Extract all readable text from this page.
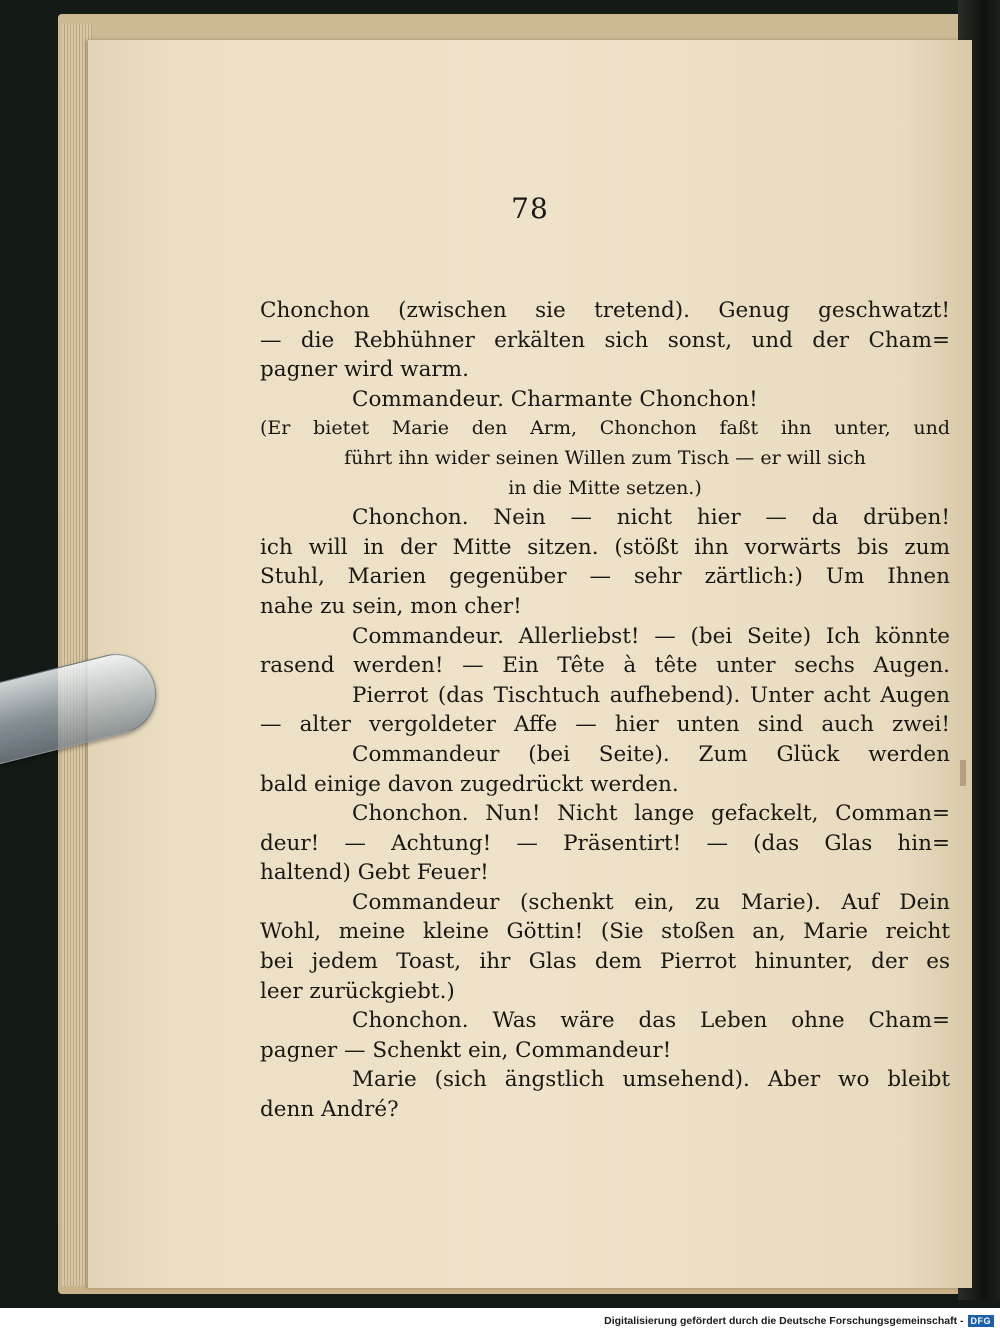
78
Chonchon (zwischen sie tretend). Genug geschwatzt!
— die Rebhühner erkälten sich sonst, und der Cham=
pagner wird warm.
Commandeur. Charmante Chonchon!
(Er bietet Marie den Arm, Chonchon faßt ihn unter, und
führt ihn wider seinen Willen zum Tisch — er will sich
in die Mitte setzen.)
Chonchon. Nein — nicht hier — da drüben!
ich will in der Mitte sitzen. (stößt ihn vorwärts bis zum
Stuhl, Marien gegenüber — sehr zärtlich:) Um Ihnen
nahe zu sein, mon cher!
Commandeur. Allerliebst! — (bei Seite) Ich könnte
rasend werden! — Ein Tête à tête unter sechs Augen.
Pierrot (das Tischtuch aufhebend). Unter acht Augen
— alter vergoldeter Affe — hier unten sind auch zwei!
Commandeur (bei Seite). Zum Glück werden
bald einige davon zugedrückt werden.
Chonchon. Nun! Nicht lange gefackelt, Comman=
deur! — Achtung! — Präsentirt! — (das Glas hin=
haltend) Gebt Feuer!
Commandeur (schenkt ein, zu Marie). Auf Dein
Wohl, meine kleine Göttin! (Sie stoßen an, Marie reicht
bei jedem Toast, ihr Glas dem Pierrot hinunter, der es
leer zurückgiebt.)
Chonchon. Was wäre das Leben ohne Cham=
pagner — Schenkt ein, Commandeur!
Marie (sich ängstlich umsehend). Aber wo bleibt
denn André?
Digitalisierung gefördert durch die Deutsche Forschungsgemeinschaft - DFG
